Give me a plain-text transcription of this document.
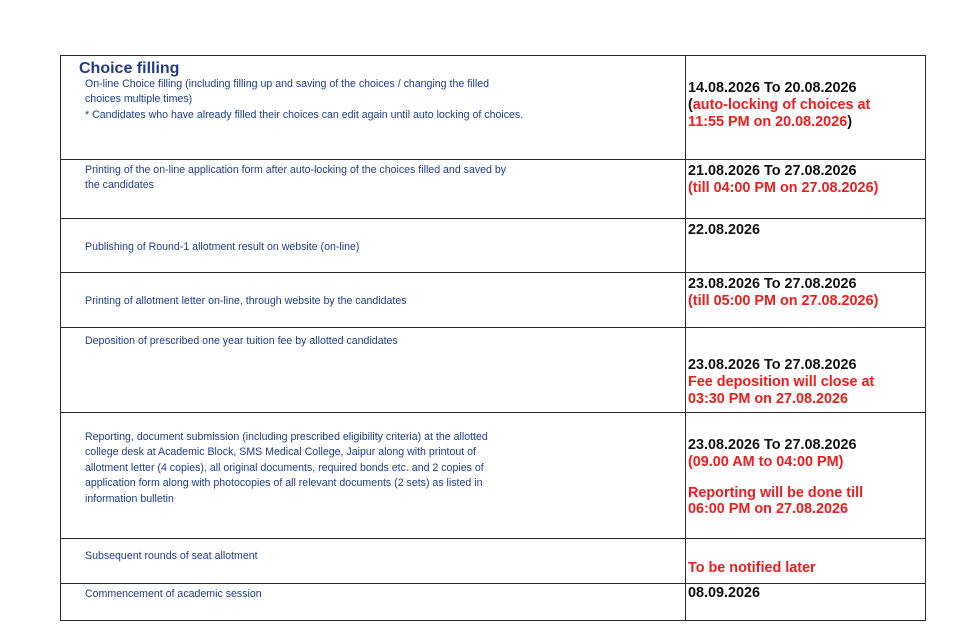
Choice filling
On-line Choice filling (including filling up and saving of the choices / changing the filled
choices multiple times)
* Candidates who have already filled their choices can edit again until auto locking of choices.
14.08.2026 To 20.08.2026
(auto-locking of choices at
11:55 PM on 20.08.2026)
Printing of the on-line application form after auto-locking of the choices filled and saved by
the candidates
21.08.2026 To 27.08.2026
(till 04:00 PM on 27.08.2026)
Publishing of Round-1 allotment result on website (on-line)
22.08.2026
Printing of allotment letter on-line, through website by the candidates
23.08.2026 To 27.08.2026
(till 05:00 PM on 27.08.2026)
Deposition of prescribed one year tuition fee by allotted candidates
23.08.2026 To 27.08.2026
Fee deposition will close at
03:30 PM on 27.08.2026
Reporting, document submission (including prescribed eligibility criteria) at the allotted
college desk at Academic Block, SMS Medical College, Jaipur along with printout of
allotment letter (4 copies), all original documents, required bonds etc. and 2 copies of
application form along with photocopies of all relevant documents (2 sets) as listed in
information bulletin
23.08.2026 To 27.08.2026
(09.00 AM to 04:00 PM)
Reporting will be done till
06:00 PM on 27.08.2026
Subsequent rounds of seat allotment
To be notified later
Commencement of academic session	08.09.2026
